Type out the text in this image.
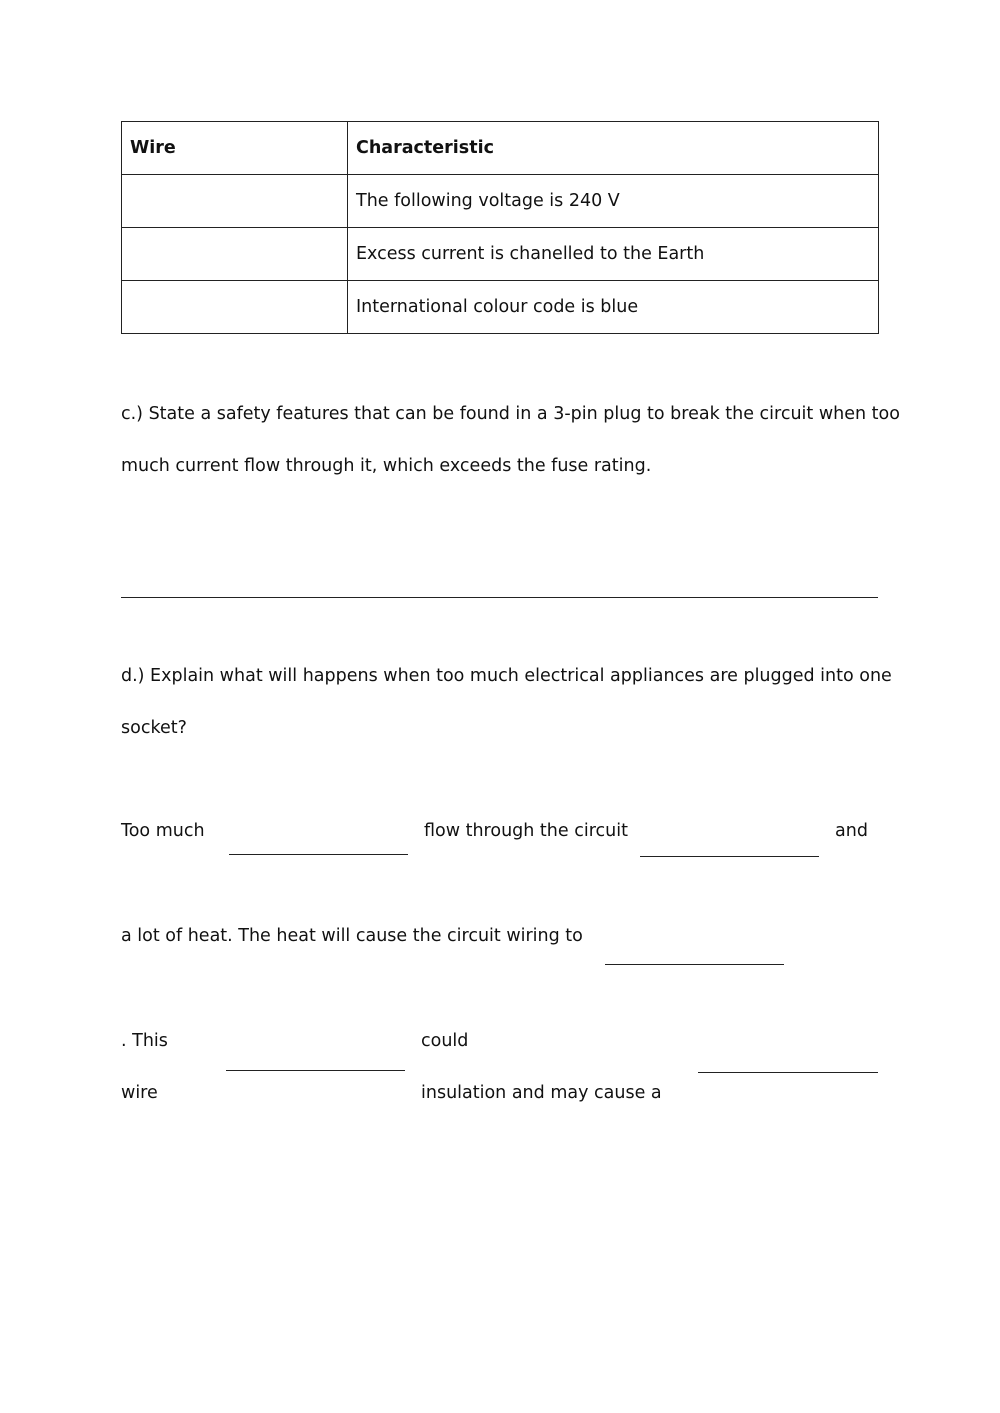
Wire	Characteristic
	The following voltage is 240 V
	Excess current is chanelled to the Earth
	International colour code is blue
c.) State a safety features that can be found in a 3-pin plug to break the circuit when too
much current flow through it, which exceeds the fuse rating.
d.) Explain what will happens when too much electrical appliances are plugged into one
socket?
Too much	flow through the circuit	and
a lot of heat. The heat will cause the circuit wiring to
. This	could
wire	insulation and may cause a
